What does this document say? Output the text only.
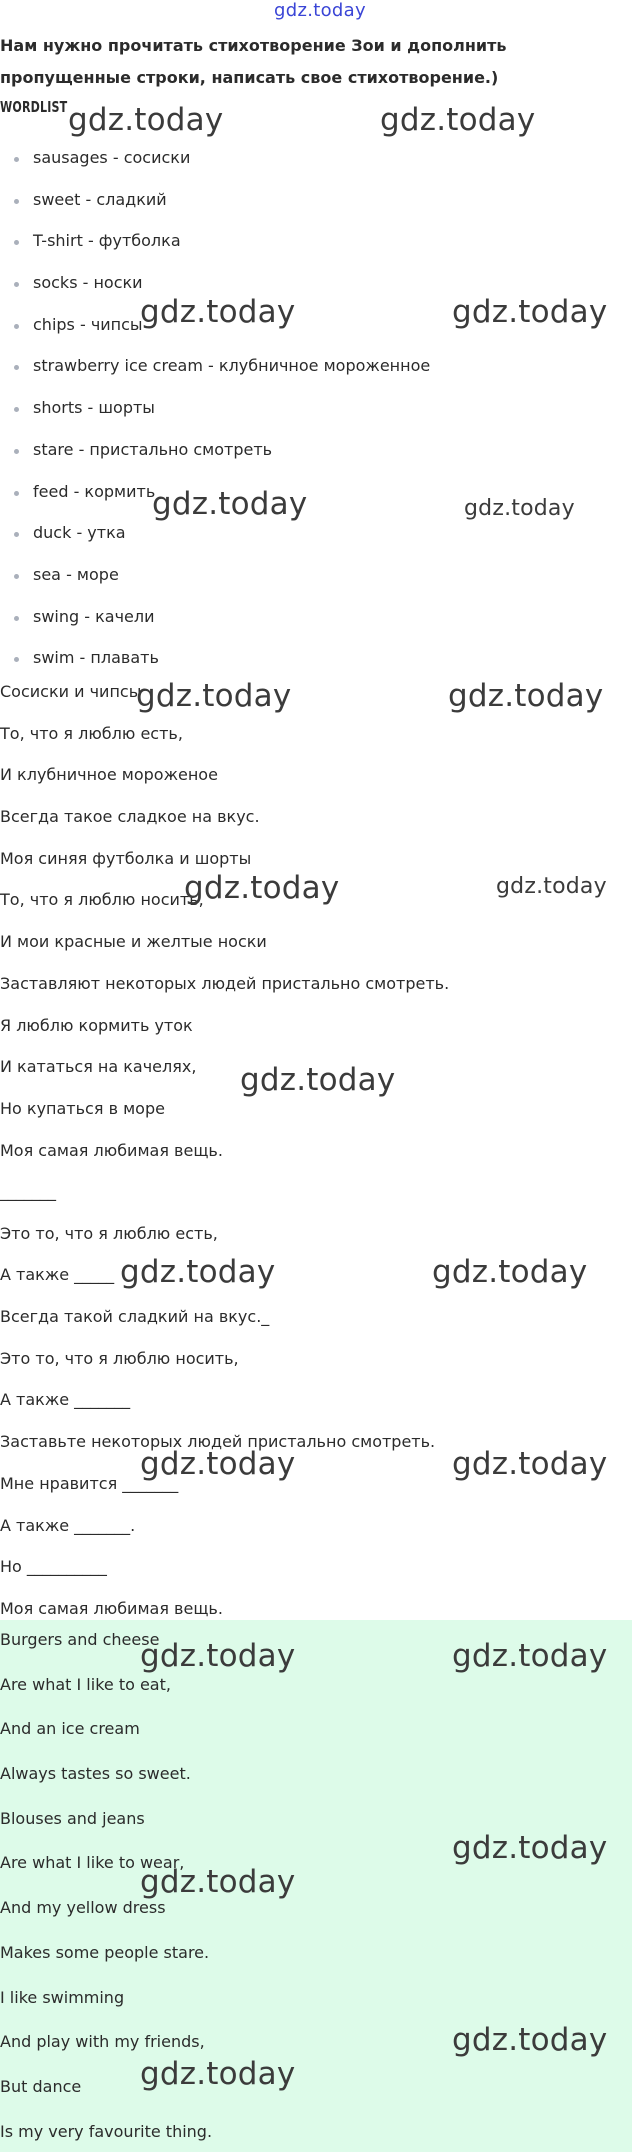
gdz.today
Нам нужно прочитать стихотворение Зои и дополнить пропущенные строки, написать свое стихотворение.)
WORDLIST
sausages - сосиски
sweet - сладкий
T-shirt - футболка
socks - носки
chips - чипсы
strawberry ice cream - клубничное мороженное
shorts - шорты
stare - пристально смотреть
feed - кормить
duck - утка
sea - море
swing - качели
swim - плавать
Сосиски и чипсы
То, что я люблю есть,
И клубничное мороженое
Всегда такое сладкое на вкус.
Моя синяя футболка и шорты
То, что я люблю носить,
И мои красные и желтые носки
Заставляют некоторых людей пристально смотреть.
Я люблю кормить уток
И кататься на качелях,
Но купаться в море
Моя самая любимая вещь.
_______
Это то, что я люблю есть,
А также _____
Всегда такой сладкий на вкус._
Это то, что я люблю носить,
А также _______
Заставьте некоторых людей пристально смотреть.
Мне нравится _______
А также _______.
Но __________
Моя самая любимая вещь.
Burgers and cheese
Are what I like to eat,
And an ice cream
Always tastes so sweet.
Blouses and jeans
Are what I like to wear,
And my yellow dress
Makes some people stare.
I like swimming
And play with my friends,
But dance
Is my very favourite thing.
gdz.today	gdz.today
gdz.today	gdz.today
gdz.today	gdz.today
gdz.today	gdz.today
gdz.today	gdz.today
gdz.today
gdz.today	gdz.today
gdz.today	gdz.today
gdz.today	gdz.today
gdz.today
gdz.today
gdz.today
gdz.today
